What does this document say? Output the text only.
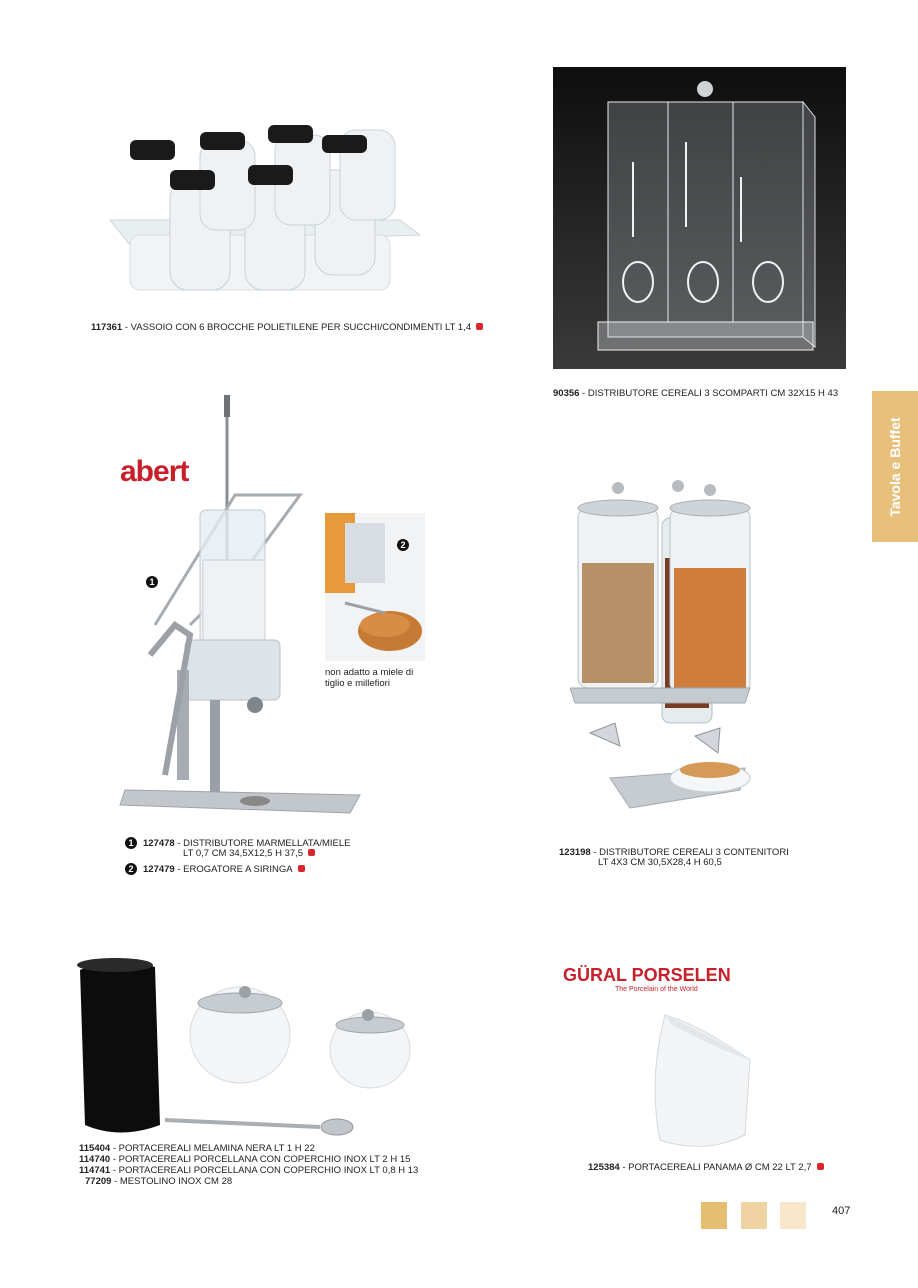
117361 - VASSOIO CON 6 BROCCHE POLIETILENE PER SUCCHI/CONDIMENTI LT 1,4
90356 - DISTRIBUTORE CEREALI 3 SCOMPARTI CM 32X15 H 43
Tavola e Buffet
abert
1
2
non adatto a miele di tiglio e millefiori
1 127478 - DISTRIBUTORE MARMELLATA/MIELE
LT 0,7 CM 34,5X12,5 H 37,5
2 127479 - EROGATORE A SIRINGA
123198 - DISTRIBUTORE CEREALI 3 CONTENITORI
LT 4X3 CM 30,5X28,4 H 60,5
115404 - PORTACEREALI MELAMINA NERA LT 1 H 22
114740 - PORTACEREALI PORCELLANA CON COPERCHIO INOX LT 2 H 15
114741 - PORTACEREALI PORCELLANA CON COPERCHIO INOX LT 0,8 H 13
77209 - MESTOLINO INOX CM 28
GÜRAL PORSELEN
The Porcelain of the World
125384 - PORTACEREALI PANAMA Ø CM 22 LT 2,7
407
